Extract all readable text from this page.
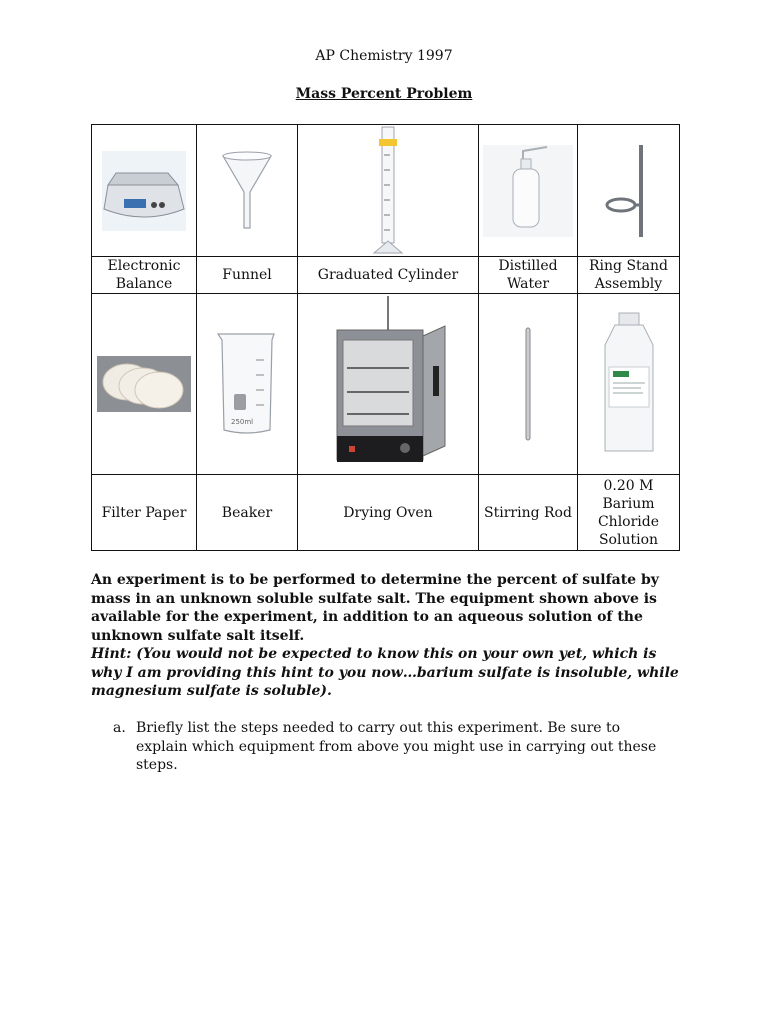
AP Chemistry 1997
Mass Percent Problem

Electronic Balance	Funnel	Graduated Cylinder	Distilled Water	Ring Stand Assembly

250ml

Filter Paper	Beaker	Drying Oven	Stirring Rod	0.20 M Barium Chloride Solution
An experiment is to be performed to determine the percent of sulfate by mass in an unknown soluble sulfate salt. The equipment shown above is available for the experiment, in addition to an aqueous solution of the unknown sulfate salt itself.
Hint: (You would not be expected to know this on your own yet, which is why I am providing this hint to you now…barium sulfate is insoluble, while magnesium sulfate is soluble).
a. Briefly list the steps needed to carry out this experiment. Be sure to explain which equipment from above you might use in carrying out these steps.
